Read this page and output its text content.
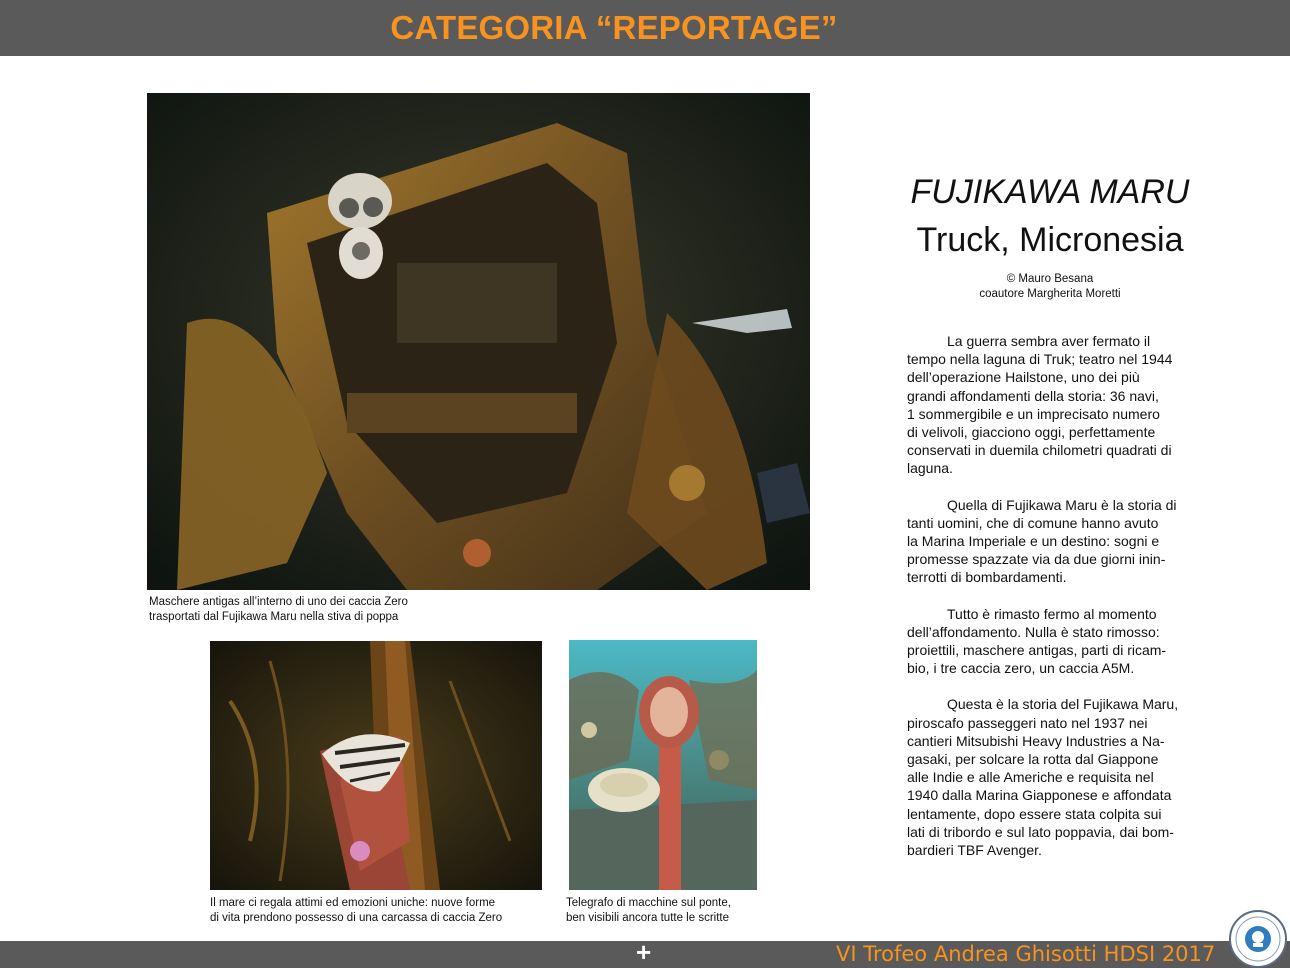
CATEGORIA “REPORTAGE”
Maschere antigas all’interno di uno dei caccia Zero
trasportati dal Fujikawa Maru nella stiva di poppa
Il mare ci regala attimi ed emozioni uniche: nuove forme
di vita prendono possesso di una carcassa di caccia Zero
Telegrafo di macchine sul ponte,
ben visibili ancora tutte le scritte
FUJIKAWA MARU
Truck, Micronesia
© Mauro Besana
coautore Margherita Moretti

La guerra sembra aver fermato il
tempo nella laguna di Truk; teatro nel 1944
dell’operazione Hailstone, uno dei più
grandi affondamenti della storia: 36 navi,
1 sommergibile e un imprecisato numero
di velivoli, giacciono oggi, perfettamente
conservati in duemila chilometri quadrati di
laguna.

Quella di Fujikawa Maru è la storia di
tanti uomini, che di comune hanno avuto
la Marina Imperiale e un destino: sogni e
promesse spazzate via da due giorni inin-
terrotti di bombardamenti.

Tutto è rimasto fermo al momento
dell’affondamento. Nulla è stato rimosso:
proiettili, maschere antigas, parti di ricam-
bio, i tre caccia zero, un caccia A5M.

Questa è la storia del Fujikawa Maru,
piroscafo passeggeri nato nel 1937 nei
cantieri Mitsubishi Heavy Industries a Na-
gasaki, per solcare la rotta dal Giappone
alle Indie e alle Americhe e requisita nel
1940 dalla Marina Giapponese e affondata
lentamente, dopo essere stata colpita sui
lati di tribordo e sul lato poppavia, dai bom-
bardieri TBF Avenger.

+	VI Trofeo Andrea Ghisotti HDSI 2017
